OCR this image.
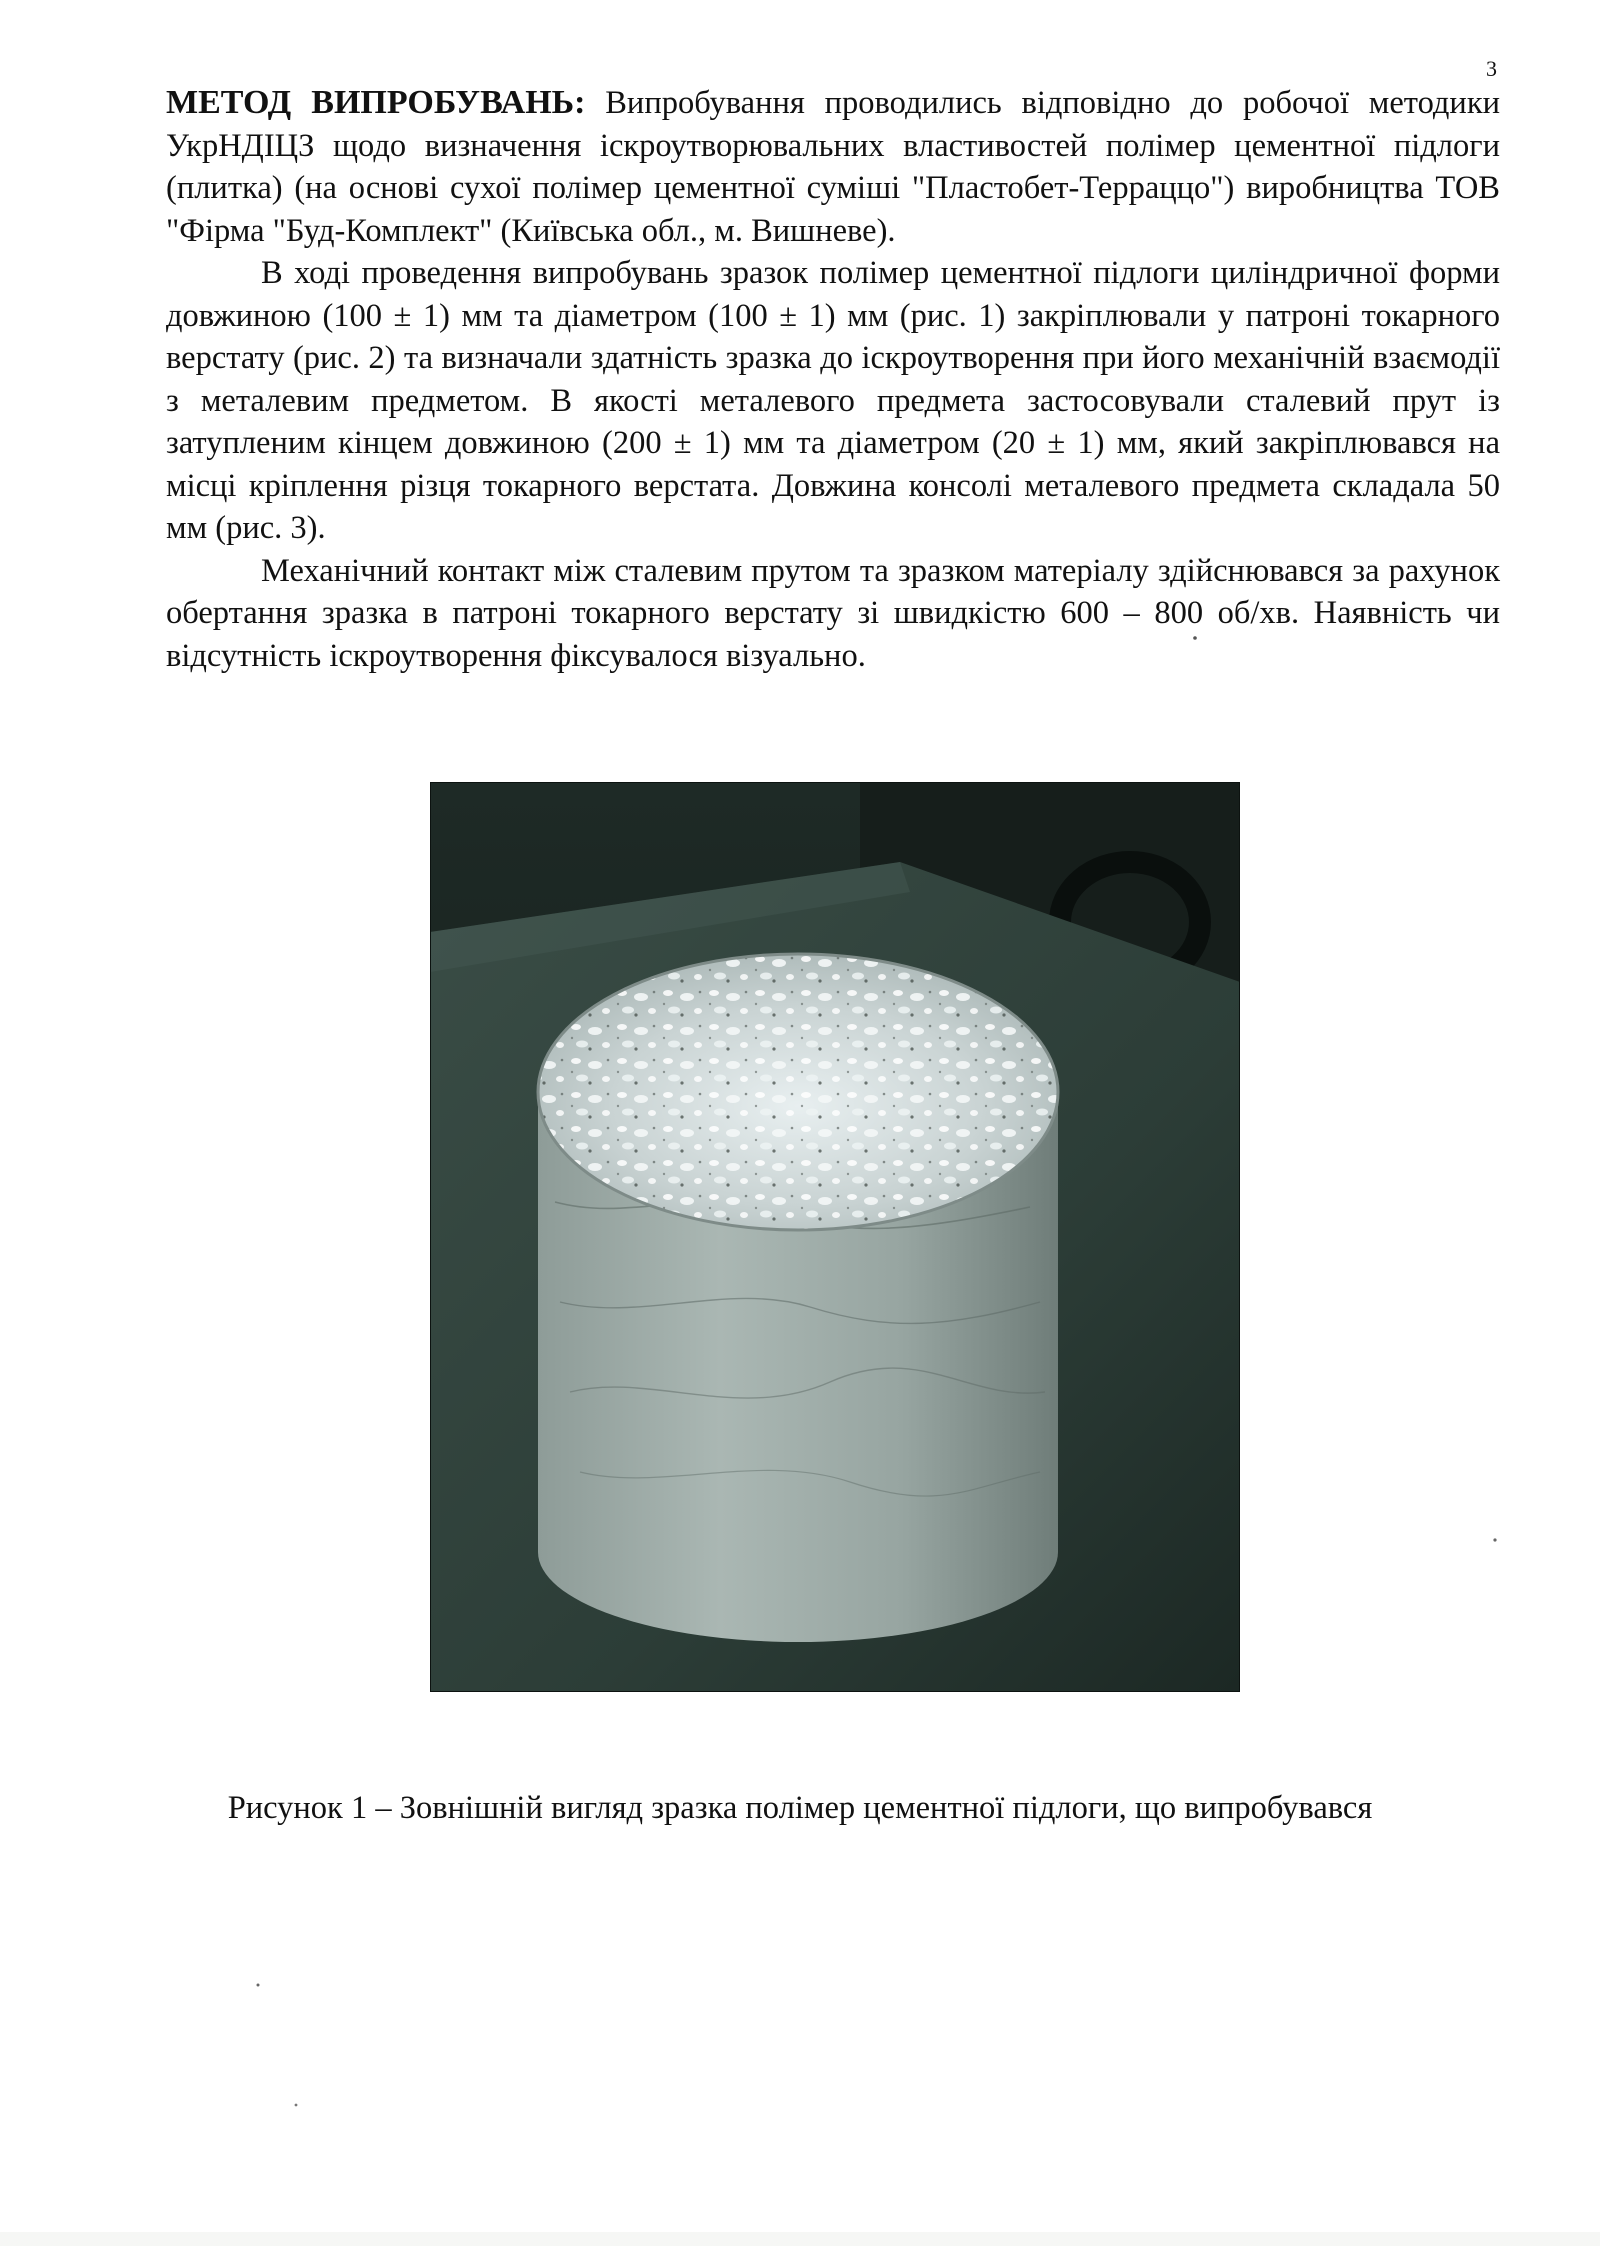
3

МЕТОД ВИПРОБУВАНЬ: Випробування проводились відповідно до робочої методики УкрНДІЦЗ щодо визначення іскроутворювальних властивостей полімер цементної підлоги (плитка) (на основі сухої полімер цементної суміші "Пластобет-Терраццо") виробництва ТОВ "Фірма "Буд-Комплект" (Київська обл., м. Вишневе).

В ході проведення випробувань зразок полімер цементної підлоги циліндричної форми довжиною (100 ± 1) мм та діаметром (100 ± 1) мм (рис. 1) закріплювали у патроні токарного верстату (рис. 2) та визначали здатність зразка до іскроутворення при його механічній взаємодії з металевим предметом. В якості металевого предмета застосовували сталевий прут із затупленим кінцем довжиною (200 ± 1) мм та діаметром (20 ± 1) мм, який закріплювався на місці кріплення різця токарного верстата. Довжина консолі металевого предмета складала 50 мм (рис. 3).

Механічний контакт між сталевим прутом та зразком матеріалу здійснювався за рахунок обертання зразка в патроні токарного верстату зі швидкістю 600 – 800 об/хв. Наявність чи відсутність іскроутворення фіксувалося візуально.

Рисунок 1 – Зовнішній вигляд зразка полімер цементної підлоги, що випробувався
